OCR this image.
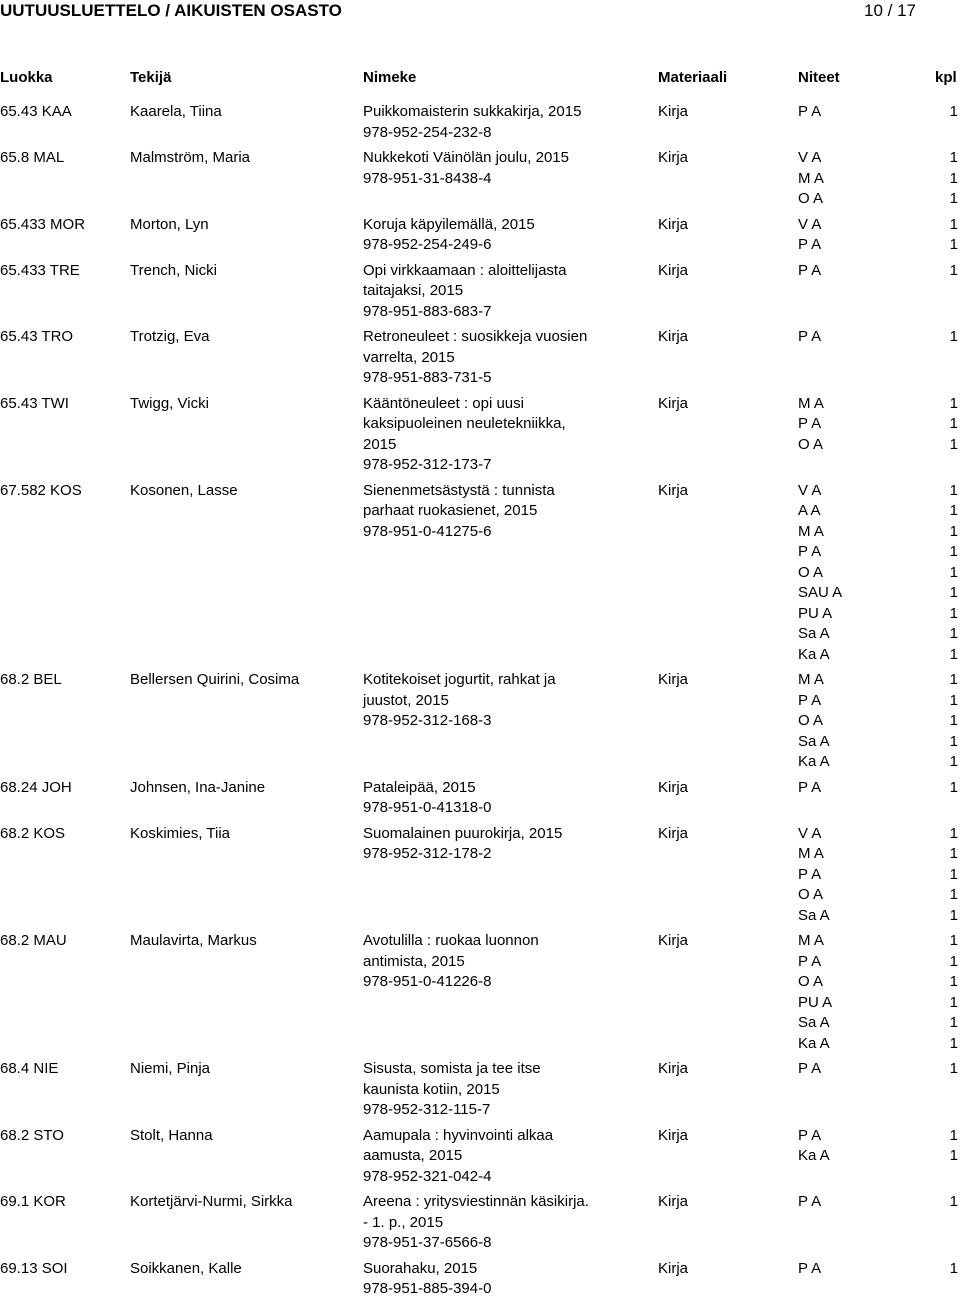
UUTUUSLUETTELO / AIKUISTEN OSASTO	10 / 17
Luokka	Tekijä	Nimeke	Materiaali	Niteet	kpl
65.43 KAA	Kaarela, Tiina	Puikkomaisterin sukkakirja, 2015
978-952-254-232-8
Kirja	P A	1
65.8 MAL	Malmström, Maria	Nukkekoti Väinölän joulu, 2015
978-951-31-8438-4
Kirja	V A	1
M A	1
O A	1
65.433 MOR	Morton, Lyn	Koruja käpyilemällä, 2015
978-952-254-249-6
Kirja	V A	1
P A	1
65.433 TRE	Trench, Nicki	Opi virkkaamaan : aloittelijasta
taitajaksi, 2015
978-951-883-683-7
Kirja	P A	1
65.43 TRO	Trotzig, Eva	Retroneuleet : suosikkeja vuosien
varrelta, 2015
978-951-883-731-5
Kirja	P A	1
65.43 TWI	Twigg, Vicki	Kääntöneuleet : opi uusi
kaksipuoleinen neuletekniikka,
2015
978-952-312-173-7
Kirja	M A	1
P A	1
O A	1
67.582 KOS	Kosonen, Lasse	Sienenmetsästystä : tunnista
parhaat ruokasienet, 2015
978-951-0-41275-6
Kirja	V A	1
A A	1
M A	1
P A	1
O A	1
SAU A	1
PU A	1
Sa A	1
Ka A	1
68.2 BEL	Bellersen Quirini, Cosima	Kotitekoiset jogurtit, rahkat ja
juustot, 2015
978-952-312-168-3
Kirja	M A	1
P A	1
O A	1
Sa A	1
Ka A	1
68.24 JOH	Johnsen, Ina-Janine	Pataleipää, 2015
978-951-0-41318-0
Kirja	P A	1
68.2 KOS	Koskimies, Tiia	Suomalainen puurokirja, 2015
978-952-312-178-2
Kirja	V A	1
M A	1
P A	1
O A	1
Sa A	1
68.2 MAU	Maulavirta, Markus	Avotulilla : ruokaa luonnon
antimista, 2015
978-951-0-41226-8
Kirja	M A	1
P A	1
O A	1
PU A	1
Sa A	1
Ka A	1
68.4 NIE	Niemi, Pinja	Sisusta, somista ja tee itse
kaunista kotiin, 2015
978-952-312-115-7
Kirja	P A	1
68.2 STO	Stolt, Hanna	Aamupala : hyvinvointi alkaa
aamusta, 2015
978-952-321-042-4
Kirja	P A	1
Ka A	1
69.1 KOR	Kortetjärvi-Nurmi, Sirkka	Areena : yritysviestinnän käsikirja.
- 1. p., 2015
978-951-37-6566-8
Kirja	P A	1
69.13 SOI	Soikkanen, Kalle	Suorahaku, 2015
978-951-885-394-0
Kirja	P A	1
